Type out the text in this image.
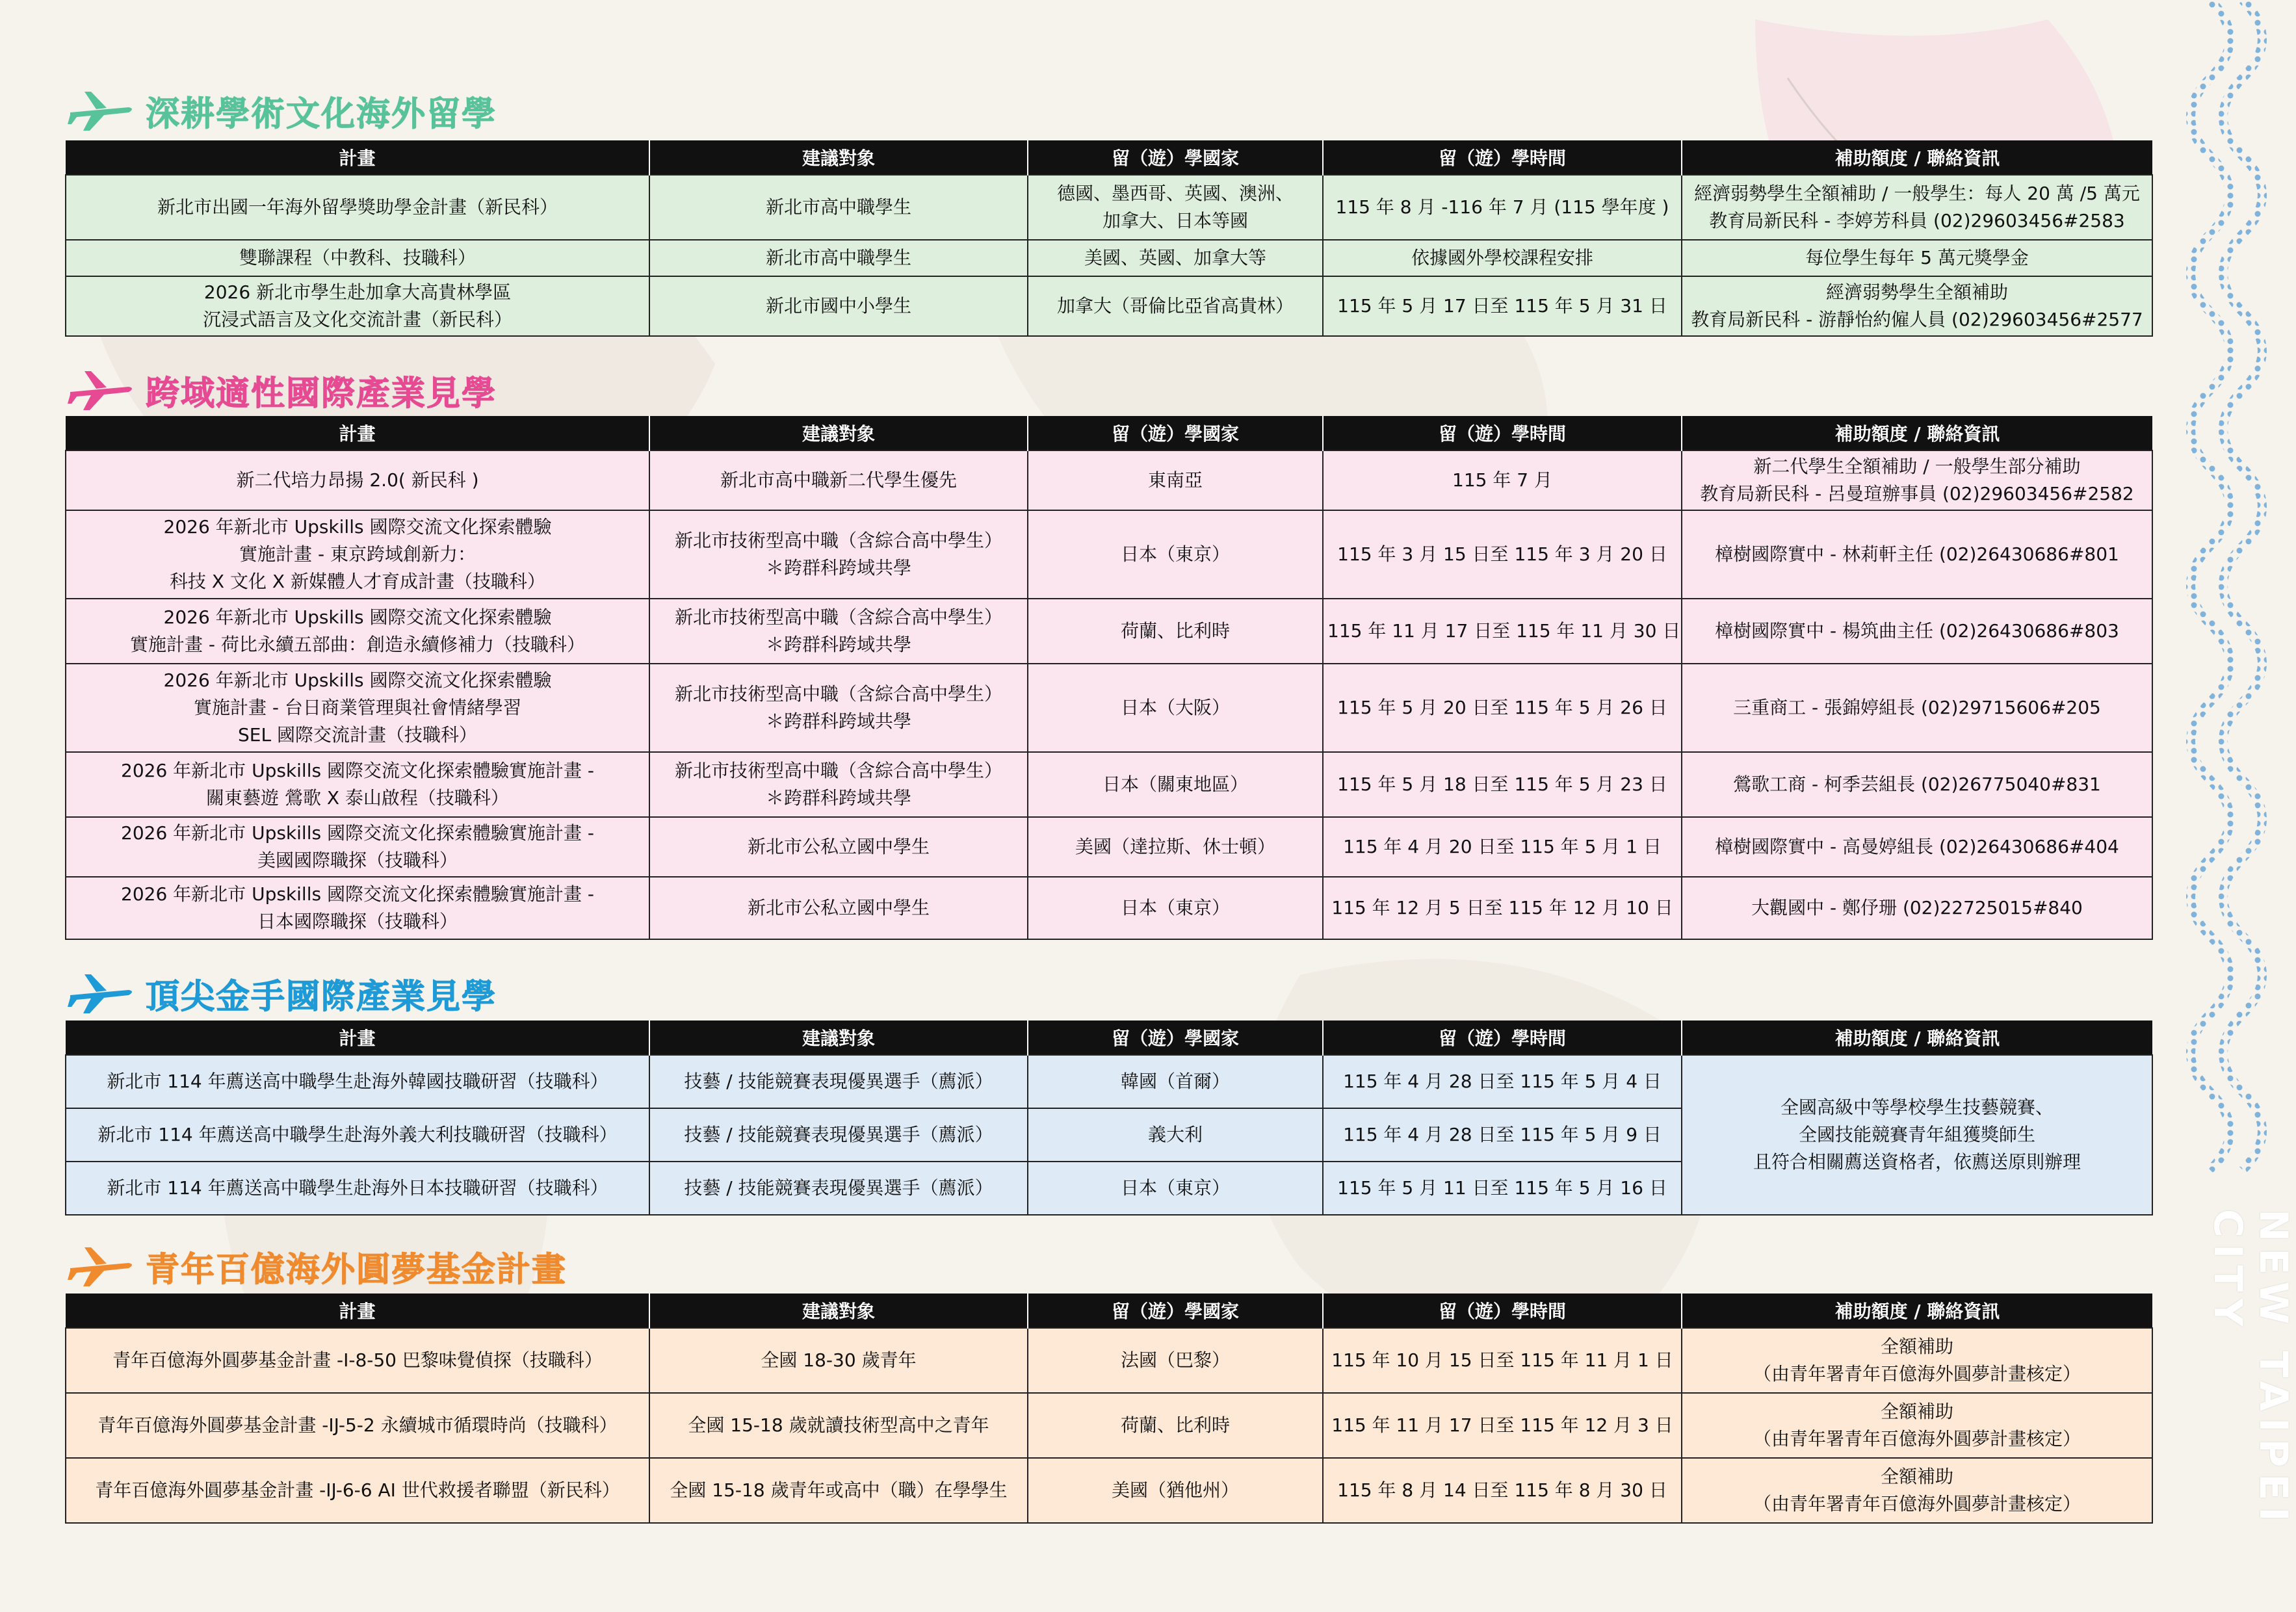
NEW TAIPEI CITY
深耕學術文化海外留學
計畫	建議對象	留（遊）學國家	留（遊）學時間	補助額度 / 聯絡資訊

新北市出國一年海外留學獎助學金計畫（新民科）	新北市高中職學生	德國、墨西哥、英國、澳洲、
加拿大、日本等國	115 年 8 月 -116 年 7 月 (115 學年度 )	經濟弱勢學生全額補助 / 一般學生：每人 20 萬 /5 萬元
教育局新民科 - 李婷芳科員 (02)29603456#2583

雙聯課程（中教科、技職科）	新北市高中職學生	美國、英國、加拿大等	依據國外學校課程安排	每位學生每年 5 萬元獎學金

2026 新北市學生赴加拿大高貴林學區
沉浸式語言及文化交流計畫（新民科）	新北市國中小學生	加拿大（哥倫比亞省高貴林）	115 年 5 月 17 日至 115 年 5 月 31 日	經濟弱勢學生全額補助
教育局新民科 - 游靜怡約僱人員 (02)29603456#2577
跨域適性國際產業見學
計畫	建議對象	留（遊）學國家	留（遊）學時間	補助額度 / 聯絡資訊

新二代培力昂揚 2.0( 新民科 )	新北市高中職新二代學生優先	東南亞	115 年 7 月	新二代學生全額補助 / 一般學生部分補助
教育局新民科 - 呂曼瑄辦事員 (02)29603456#2582

2026 年新北市 Upskills 國際交流文化探索體驗
實施計畫 - 東京跨域創新力：
科技 X 文化 X 新媒體人才育成計畫（技職科）	新北市技術型高中職（含綜合高中學生）
＊跨群科跨域共學	日本（東京）	115 年 3 月 15 日至 115 年 3 月 20 日	樟樹國際實中 - 林莉軒主任 (02)26430686#801

2026 年新北市 Upskills 國際交流文化探索體驗
實施計畫 - 荷比永續五部曲：創造永續修補力（技職科）	新北市技術型高中職（含綜合高中學生）
＊跨群科跨域共學	荷蘭、比利時	115 年 11 月 17 日至 115 年 11 月 30 日	樟樹國際實中 - 楊筑曲主任 (02)26430686#803

2026 年新北市 Upskills 國際交流文化探索體驗
實施計畫 - 台日商業管理與社會情緒學習
SEL 國際交流計畫（技職科）	新北市技術型高中職（含綜合高中學生）
＊跨群科跨域共學	日本（大阪）	115 年 5 月 20 日至 115 年 5 月 26 日	三重商工 - 張錦婷組長 (02)29715606#205

2026 年新北市 Upskills 國際交流文化探索體驗實施計畫 -
關東藝遊 鶯歌 X 泰山啟程（技職科）	新北市技術型高中職（含綜合高中學生）
＊跨群科跨域共學	日本（關東地區）	115 年 5 月 18 日至 115 年 5 月 23 日	鶯歌工商 - 柯季芸組長 (02)26775040#831

2026 年新北市 Upskills 國際交流文化探索體驗實施計畫 -
美國國際職探（技職科）	新北市公私立國中學生	美國（達拉斯、休士頓）	115 年 4 月 20 日至 115 年 5 月 1 日	樟樹國際實中 - 高曼婷組長 (02)26430686#404

2026 年新北市 Upskills 國際交流文化探索體驗實施計畫 -
日本國際職探（技職科）	新北市公私立國中學生	日本（東京）	115 年 12 月 5 日至 115 年 12 月 10 日	大觀國中 - 鄭伃珊 (02)22725015#840
頂尖金手國際產業見學
計畫	建議對象	留（遊）學國家	留（遊）學時間	補助額度 / 聯絡資訊

新北市 114 年薦送高中職學生赴海外韓國技職研習（技職科）	技藝 / 技能競賽表現優異選手（薦派）	韓國（首爾）	115 年 4 月 28 日至 115 年 5 月 4 日	全國高級中等學校學生技藝競賽、
全國技能競賽青年組獲獎師生
且符合相關薦送資格者，依薦送原則辦理

新北市 114 年薦送高中職學生赴海外義大利技職研習（技職科）	技藝 / 技能競賽表現優異選手（薦派）	義大利	115 年 4 月 28 日至 115 年 5 月 9 日	

新北市 114 年薦送高中職學生赴海外日本技職研習（技職科）	技藝 / 技能競賽表現優異選手（薦派）	日本（東京）	115 年 5 月 11 日至 115 年 5 月 16 日	
青年百億海外圓夢基金計畫
計畫	建議對象	留（遊）學國家	留（遊）學時間	補助額度 / 聯絡資訊

青年百億海外圓夢基金計畫 -I-8-50 巴黎味覺偵探（技職科）	全國 18-30 歲青年	法國（巴黎）	115 年 10 月 15 日至 115 年 11 月 1 日	全額補助
（由青年署青年百億海外圓夢計畫核定）

青年百億海外圓夢基金計畫 -IJ-5-2 永續城市循環時尚（技職科）	全國 15-18 歲就讀技術型高中之青年	荷蘭、比利時	115 年 11 月 17 日至 115 年 12 月 3 日	全額補助
（由青年署青年百億海外圓夢計畫核定）

青年百億海外圓夢基金計畫 -IJ-6-6 AI 世代救援者聯盟（新民科）	全國 15-18 歲青年或高中（職）在學學生	美國（猶他州）	115 年 8 月 14 日至 115 年 8 月 30 日	全額補助
（由青年署青年百億海外圓夢計畫核定）
